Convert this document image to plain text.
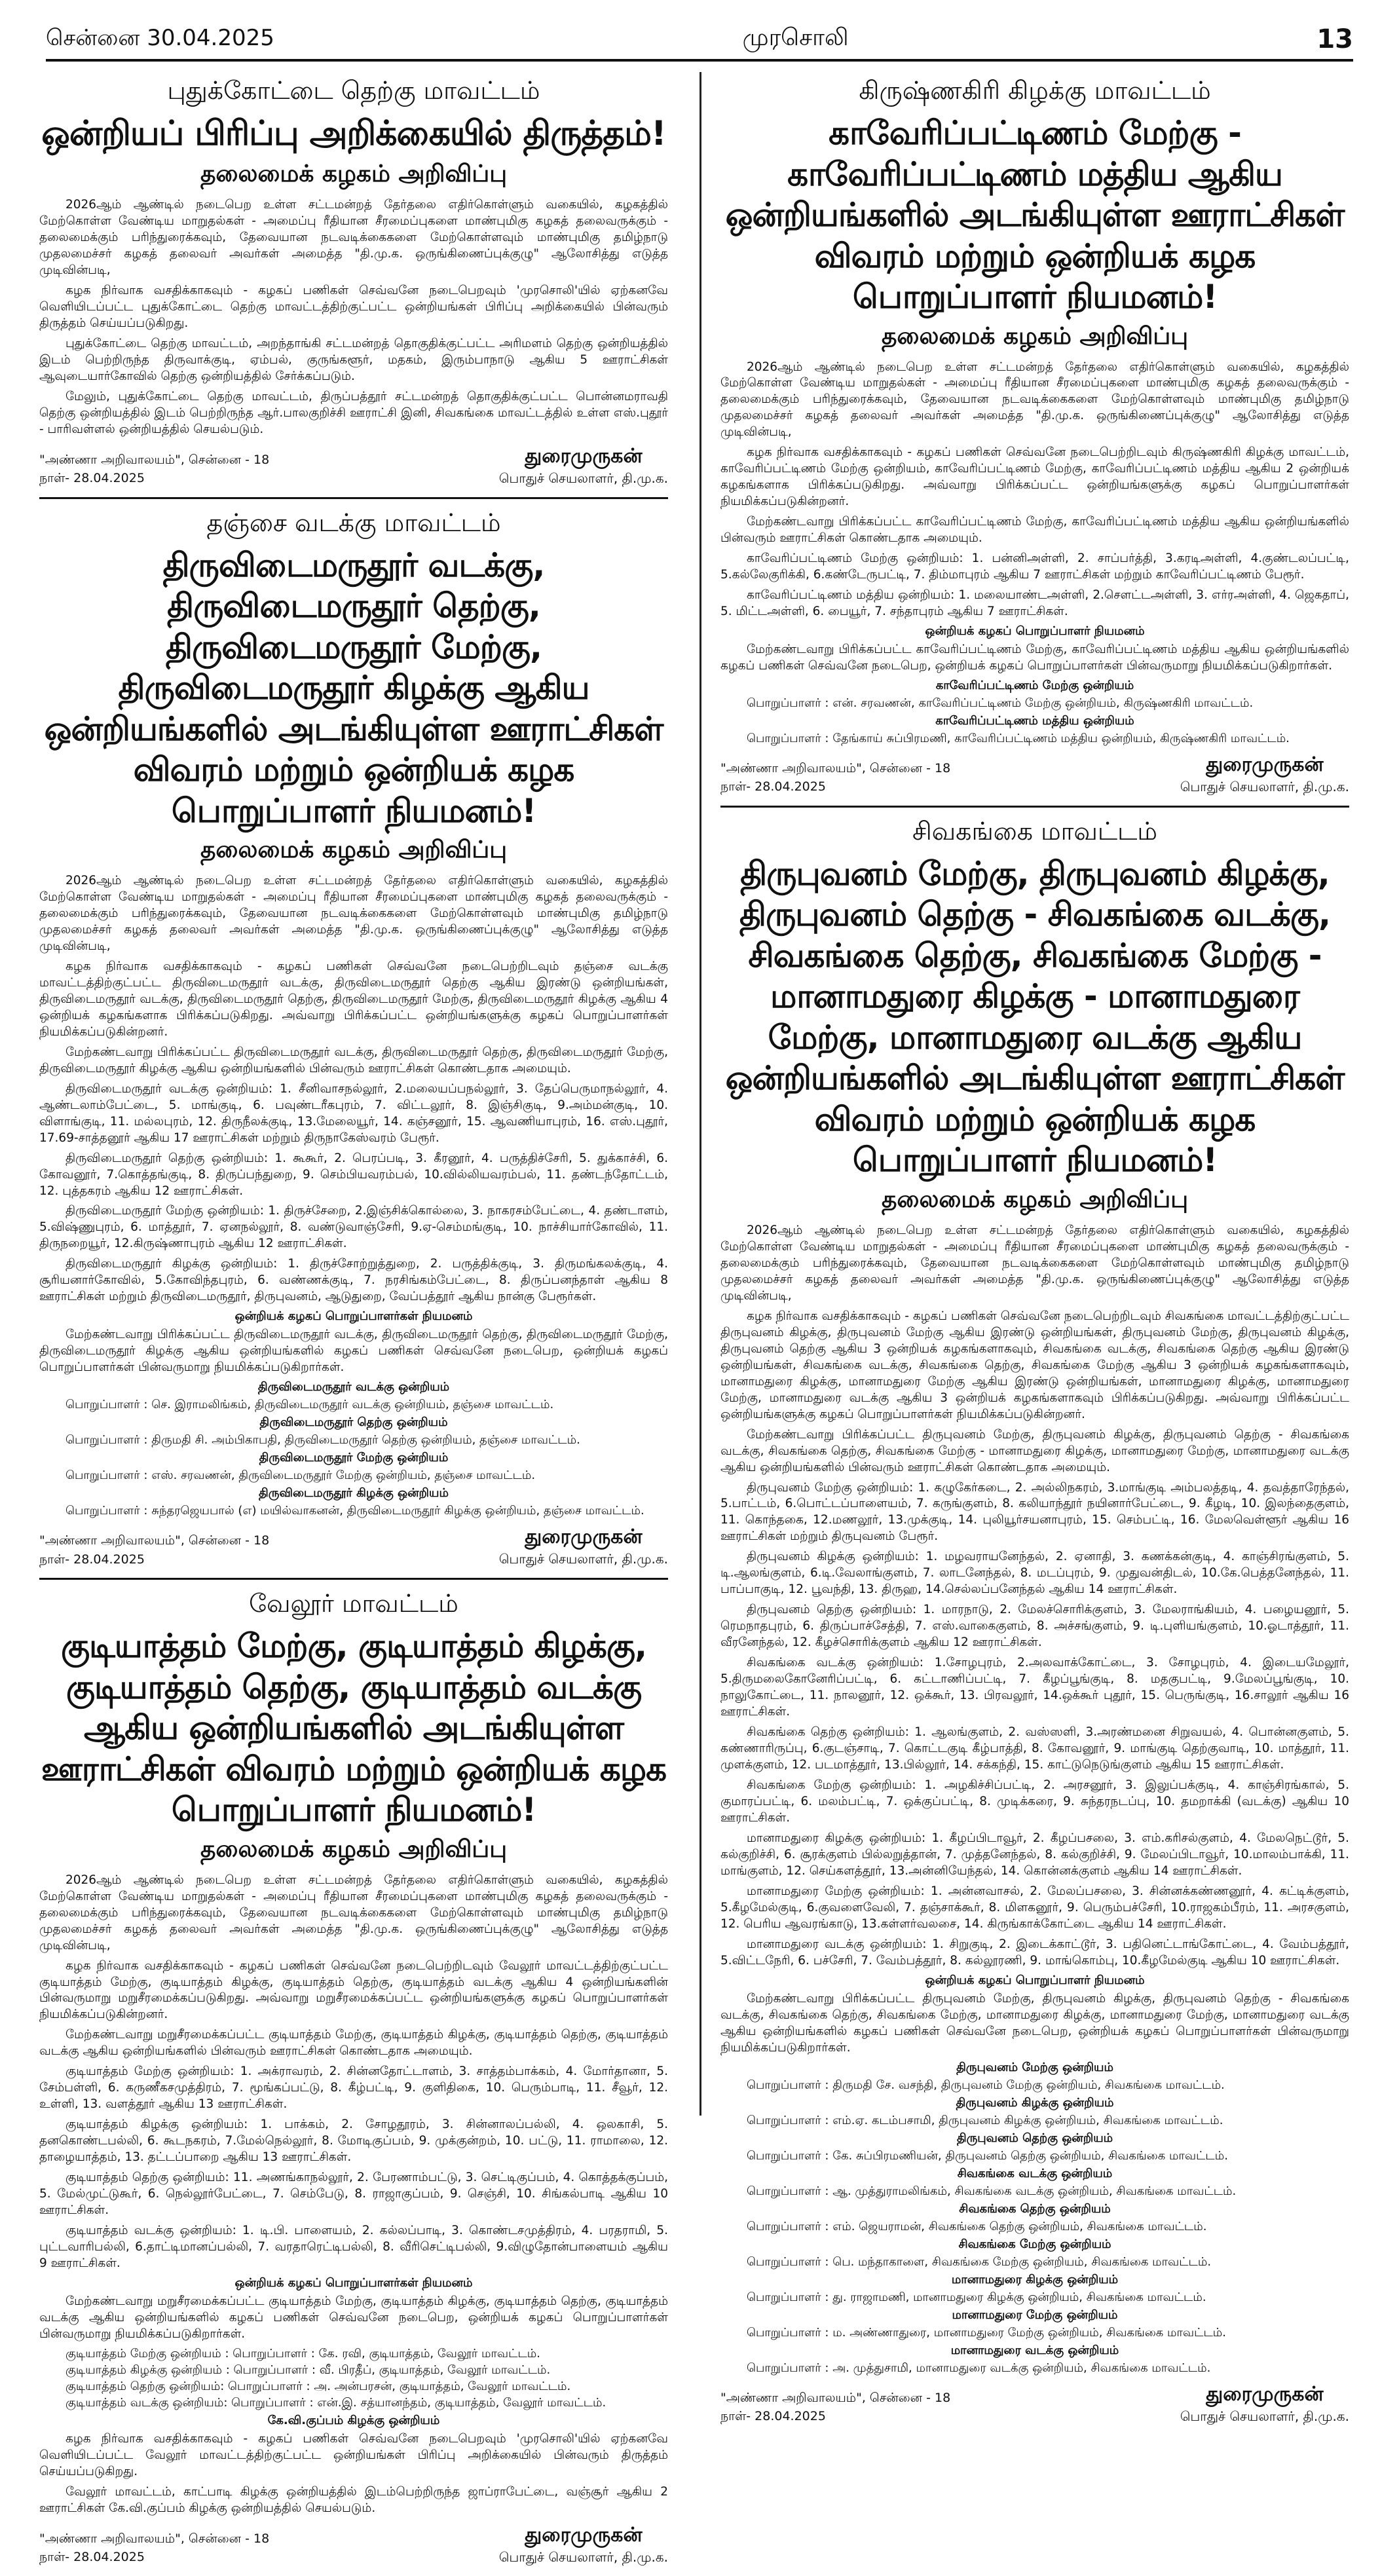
சென்னை 30.04.2025	முரசொலி	13
புதுக்கோட்டை தெற்கு மாவட்டம்
ஒன்றியப் பிரிப்பு அறிக்கையில் திருத்தம்!
தலைமைக் கழகம் அறிவிப்பு

2026ஆம் ஆண்டில் நடைபெற உள்ள சட்டமன்றத் தேர்தலை எதிர்கொள்ளும் வகையில், கழகத்தில் மேற்கொள்ள வேண்டிய மாறுதல்கள் - அமைப்பு ரீதியான சீரமைப்புகளை மாண்புமிகு கழகத் தலைவருக்கும் - தலைமைக்கும் பரிந்துரைக்கவும், தேவையான நடவடிக்கைகளை மேற்கொள்ளவும் மாண்புமிகு தமிழ்நாடு முதலமைச்சர் கழகத் தலைவர் அவர்கள் அமைத்த "தி.மு.க. ஒருங்கிணைப்புக்குழு" ஆலோசித்து எடுத்த முடிவின்படி,

கழக நிர்வாக வசதிக்காகவும் - கழகப் பணிகள் செவ்வனே நடைபெறவும் 'முரசொலி'யில் ஏற்கனவே வெளியிடப்பட்ட புதுக்கோட்டை தெற்கு மாவட்டத்திற்குட்பட்ட ஒன்றியங்கள் பிரிப்பு அறிக்கையில் பின்வரும் திருத்தம் செய்யப்படுகிறது.

புதுக்கோட்டை தெற்கு மாவட்டம், அறந்தாங்கி சட்டமன்றத் தொகுதிக்குட்பட்ட அரிமளம் தெற்கு ஒன்றியத்தில் இடம் பெற்றிருந்த திருவாக்குடி, ஏம்பல், குருங்களூர், மதகம், இரும்பாநாடு ஆகிய 5 ஊராட்சிகள் ஆவுடையார்கோவில் தெற்கு ஒன்றியத்தில் சேர்க்கப்படும்.

மேலும், புதுக்கோட்டை தெற்கு மாவட்டம், திருப்பத்தூர் சட்டமன்றத் தொகுதிக்குட்பட்ட பொன்னமராவதி தெற்கு ஒன்றியத்தில் இடம் பெற்றிருந்த ஆர்.பாலகுறிச்சி ஊராட்சி இனி, சிவகங்கை மாவட்டத்தில் உள்ள எஸ்.புதூர் - பாரிவள்ளல் ஒன்றியத்தில் செயல்படும்.

"அண்ணா அறிவாலயம்", சென்னை - 18
நாள்- 28.04.2025
துரைமுருகன்
பொதுச் செயலாளர், தி.மு.க.
தஞ்சை வடக்கு மாவட்டம்
திருவிடைமருதூர் வடக்கு, திருவிடைமருதூர் தெற்கு, திருவிடைமருதூர் மேற்கு, திருவிடைமருதூர் கிழக்கு ஆகிய ஒன்றியங்களில் அடங்கியுள்ள ஊராட்சிகள் விவரம் மற்றும் ஒன்றியக் கழக பொறுப்பாளர் நியமனம்!
தலைமைக் கழகம் அறிவிப்பு

2026ஆம் ஆண்டில் நடைபெற உள்ள சட்டமன்றத் தேர்தலை எதிர்கொள்ளும் வகையில், கழகத்தில் மேற்கொள்ள வேண்டிய மாறுதல்கள் - அமைப்பு ரீதியான சீரமைப்புகளை மாண்புமிகு கழகத் தலைவருக்கும் - தலைமைக்கும் பரிந்துரைக்கவும், தேவையான நடவடிக்கைகளை மேற்கொள்ளவும் மாண்புமிகு தமிழ்நாடு முதலமைச்சர் கழகத் தலைவர் அவர்கள் அமைத்த "தி.மு.க. ஒருங்கிணைப்புக்குழு" ஆலோசித்து எடுத்த முடிவின்படி,

கழக நிர்வாக வசதிக்காகவும் - கழகப் பணிகள் செவ்வனே நடைபெற்றிடவும் தஞ்சை வடக்கு மாவட்டத்திற்குட்பட்ட திருவிடைமருதூர் வடக்கு, திருவிடைமருதூர் தெற்கு ஆகிய இரண்டு ஒன்றியங்கள், திருவிடைமருதூர் வடக்கு, திருவிடைமருதூர் தெற்கு, திருவிடைமருதூர் மேற்கு, திருவிடைமருதூர் கிழக்கு ஆகிய 4 ஒன்றியக் கழகங்களாக பிரிக்கப்படுகிறது. அவ்வாறு பிரிக்கப்பட்ட ஒன்றியங்களுக்கு கழகப் பொறுப்பாளர்கள் நியமிக்கப்படுகின்றனர்.

மேற்கண்டவாறு பிரிக்கப்பட்ட திருவிடைமருதூர் வடக்கு, திருவிடைமருதூர் தெற்கு, திருவிடைமருதூர் மேற்கு, திருவிடைமருதூர் கிழக்கு ஆகிய ஒன்றியங்களில் பின்வரும் ஊராட்சிகள் கொண்டதாக அமையும்.

திருவிடைமருதூர் வடக்கு ஒன்றியம்: 1. சீனிவாசநல்லூர், 2.மலையப்பநல்லூர், 3. தேப்பெருமாநல்லூர், 4. ஆண்டலாம்பேட்டை, 5. மாங்குடி, 6. பவுண்டரீகபுரம், 7. விட்டலூர், 8. இஞ்சிகுடி, 9.அம்மன்குடி, 10. விளாங்குடி, 11. மல்லபுரம், 12. திருநீலக்குடி, 13.மேலையூர், 14. கஞ்சனூர், 15. ஆவணியாபுரம், 16. எஸ்.புதூர், 17.69-சாத்தனூர் ஆகிய 17 ஊராட்சிகள் மற்றும் திருநாகேஸ்வரம் பேரூர்.

திருவிடைமருதூர் தெற்கு ஒன்றியம்: 1. கூகூர், 2. பெரப்படி, 3. கீரனூர், 4. பருத்திச்சேரி, 5. துக்காச்சி, 6. கோவனூர், 7.கொத்தங்குடி, 8. திருப்பந்துறை, 9. செம்பியவரம்பல், 10.வில்லியவரம்பல், 11. தண்டந்தோட்டம், 12. புத்தகரம் ஆகிய 12 ஊராட்சிகள்.

திருவிடைமருதூர் மேற்கு ஒன்றியம்: 1. திருச்சேறை, 2.இஞ்சிக்கொல்லை, 3. நாகரசம்பேட்டை, 4. தண்டாளம், 5.விஷ்ணுபுரம், 6. மாத்தூர், 7. ஏனநல்லூர், 8. வண்டுவாஞ்சேரி, 9.ஏ-செம்மங்குடி, 10. நாச்சியார்கோவில், 11. திருநறையூர், 12.கிருஷ்ணாபுரம் ஆகிய 12 ஊராட்சிகள்.

திருவிடைமருதூர் கிழக்கு ஒன்றியம்: 1. திருச்சோற்றுத்துறை, 2. பருத்திக்குடி, 3. திருமங்கலக்குடி, 4. சூரியனார்கோவில், 5.கோவிந்தபுரம், 6. வண்ணக்குடி, 7. நரசிங்கம்பேட்டை, 8. திருப்பனந்தாள் ஆகிய 8 ஊராட்சிகள் மற்றும் திருவிடைமருதூர், திருபுவனம், ஆடுதுறை, வேப்பத்தூர் ஆகிய நான்கு பேரூர்கள்.

ஒன்றியக் கழகப் பொறுப்பாளர்கள் நியமனம்

மேற்கண்டவாறு பிரிக்கப்பட்ட திருவிடைமருதூர் வடக்கு, திருவிடைமருதூர் தெற்கு, திருவிடைமருதூர் மேற்கு, திருவிடைமருதூர் கிழக்கு ஆகிய ஒன்றியங்களில் கழகப் பணிகள் செவ்வனே நடைபெற, ஒன்றியக் கழகப் பொறுப்பாளர்கள் பின்வருமாறு நியமிக்கப்படுகிறார்கள்.

திருவிடைமருதூர் வடக்கு ஒன்றியம்
பொறுப்பாளர் : செ. இராமலிங்கம், திருவிடைமருதூர் வடக்கு ஒன்றியம், தஞ்சை மாவட்டம்.
திருவிடைமருதூர் தெற்கு ஒன்றியம்
பொறுப்பாளர் : திருமதி சி. அம்பிகாபதி, திருவிடைமருதூர் தெற்கு ஒன்றியம், தஞ்சை மாவட்டம்.
திருவிடைமருதூர் மேற்கு ஒன்றியம்
பொறுப்பாளர் : எஸ். சரவணன், திருவிடைமருதூர் மேற்கு ஒன்றியம், தஞ்சை மாவட்டம்.
திருவிடைமருதூர் கிழக்கு ஒன்றியம்
பொறுப்பாளர் : சுந்தரஜெயபால் (எ) மயில்வாகனன், திருவிடைமருதூர் கிழக்கு ஒன்றியம், தஞ்சை மாவட்டம்.
"அண்ணா அறிவாலயம்", சென்னை - 18
நாள்- 28.04.2025
துரைமுருகன்
பொதுச் செயலாளர், தி.மு.க.
வேலூர் மாவட்டம்
குடியாத்தம் மேற்கு, குடியாத்தம் கிழக்கு, குடியாத்தம் தெற்கு, குடியாத்தம் வடக்கு ஆகிய ஒன்றியங்களில் அடங்கியுள்ள ஊராட்சிகள் விவரம் மற்றும் ஒன்றியக் கழக பொறுப்பாளர் நியமனம்!
தலைமைக் கழகம் அறிவிப்பு

2026ஆம் ஆண்டில் நடைபெற உள்ள சட்டமன்றத் தேர்தலை எதிர்கொள்ளும் வகையில், கழகத்தில் மேற்கொள்ள வேண்டிய மாறுதல்கள் - அமைப்பு ரீதியான சீரமைப்புகளை மாண்புமிகு கழகத் தலைவருக்கும் - தலைமைக்கும் பரிந்துரைக்கவும், தேவையான நடவடிக்கைகளை மேற்கொள்ளவும் மாண்புமிகு தமிழ்நாடு முதலமைச்சர் கழகத் தலைவர் அவர்கள் அமைத்த "தி.மு.க. ஒருங்கிணைப்புக்குழு" ஆலோசித்து எடுத்த முடிவின்படி,

கழக நிர்வாக வசதிக்காகவும் - கழகப் பணிகள் செவ்வனே நடைபெற்றிடவும் வேலூர் மாவட்டத்திற்குட்பட்ட குடியாத்தம் மேற்கு, குடியாத்தம் கிழக்கு, குடியாத்தம் தெற்கு, குடியாத்தம் வடக்கு ஆகிய 4 ஒன்றியங்களின் பின்வருமாறு மறுசீரமைக்கப்படுகிறது. அவ்வாறு மறுசீரமைக்கப்பட்ட ஒன்றியங்களுக்கு கழகப் பொறுப்பாளர்கள் நியமிக்கப்படுகின்றனர்.

மேற்கண்டவாறு மறுசீரமைக்கப்பட்ட குடியாத்தம் மேற்கு, குடியாத்தம் கிழக்கு, குடியாத்தம் தெற்கு, குடியாத்தம் வடக்கு ஆகிய ஒன்றியங்களில் பின்வரும் ஊராட்சிகள் கொண்டதாக அமையும்.

குடியாத்தம் மேற்கு ஒன்றியம்: 1. அக்ராவரம், 2. சின்னதோட்டாளம், 3. சாத்தம்பாக்கம், 4. மோர்தானா, 5. சேம்பள்ளி, 6. கருணீகசமுத்திரம், 7. மூங்கப்பட்டு, 8. கீழ்பட்டி, 9. குளிதிகை, 10. பெரும்பாடி, 11. சீவூர், 12. உள்ளி, 13. வளத்தூர் ஆகிய 13 ஊராட்சிகள்.

குடியாத்தம் கிழக்கு ஒன்றியம்: 1. பாக்கம், 2. சோழதூரம், 3. சின்னாலப்பல்லி, 4. ஒலகாசி, 5. தனகொண்டபல்லி, 6. கூடநகரம், 7.மேல்நெல்லூர், 8. மோடிகுப்பம், 9. முக்குன்றம், 10. பட்டு, 11. ராமாலை, 12. தாழையாத்தம், 13. தட்டப்பாறை ஆகிய 13 ஊராட்சிகள்.

குடியாத்தம் தெற்கு ஒன்றியம்: 11. அணங்காநல்லூர், 2. பேரணாம்பட்டு, 3. செட்டிகுப்பம், 4. கொத்தக்குப்பம், 5. மேல்முட்டுகூர், 6. நெல்லூர்பேட்டை, 7. செம்பேடு, 8. ராஜாகுப்பம், 9. செஞ்சி, 10. சிங்கல்பாடி ஆகிய 10 ஊராட்சிகள்.

குடியாத்தம் வடக்கு ஒன்றியம்: 1. டி.பி. பாளையம், 2. கல்லப்பாடி, 3. கொண்டசமுத்திரம், 4. பரதராமி, 5. புட்டவாரிபல்லி, 6.தாட்டிமானப்பல்லி, 7. வரதாரெட்டிபல்லி, 8. வீரிசெட்டிபல்லி, 9.விழுதோன்பாளையம் ஆகிய 9 ஊராட்சிகள்.

ஒன்றியக் கழகப் பொறுப்பாளர்கள் நியமனம்

மேற்கண்டவாறு மறுசீரமைக்கப்பட்ட குடியாத்தம் மேற்கு, குடியாத்தம் கிழக்கு, குடியாத்தம் தெற்கு, குடியாத்தம் வடக்கு ஆகிய ஒன்றியங்களில் கழகப் பணிகள் செவ்வனே நடைபெற, ஒன்றியக் கழகப் பொறுப்பாளர்கள் பின்வருமாறு நியமிக்கப்படுகிறார்கள்.

குடியாத்தம் மேற்கு ஒன்றியம் : பொறுப்பாளர் : கே. ரவி, குடியாத்தம், வேலூர் மாவட்டம்.
குடியாத்தம் கிழக்கு ஒன்றியம் : பொறுப்பாளர் : வீ. பிரதீப், குடியாத்தம், வேலூர் மாவட்டம்.
குடியாத்தம் தெற்கு ஒன்றியம்: பொறுப்பாளர் : அ. அன்பரசன், குடியாத்தம், வேலூர் மாவட்டம்.
குடியாத்தம் வடக்கு ஒன்றியம்: பொறுப்பாளர் : என்.இ. சத்யானந்தம், குடியாத்தம், வேலூர் மாவட்டம்.
கே.வி.குப்பம் கிழக்கு ஒன்றியம்

கழக நிர்வாக வசதிக்காகவும் - கழகப் பணிகள் செவ்வனே நடைபெறவும் 'முரசொலி'யில் ஏற்கனவே வெளியிடப்பட்ட வேலூர் மாவட்டத்திற்குட்பட்ட ஒன்றியங்கள் பிரிப்பு அறிக்கையில் பின்வரும் திருத்தம் செய்யப்படுகிறது.

வேலூர் மாவட்டம், காட்பாடி கிழக்கு ஒன்றியத்தில் இடம்பெற்றிருந்த ஜாப்ராபேட்டை, வஞ்சூர் ஆகிய 2 ஊராட்சிகள் கே.வி.குப்பம் கிழக்கு ஒன்றியத்தில் செயல்படும்.

"அண்ணா அறிவாலயம்", சென்னை - 18
நாள்- 28.04.2025
துரைமுருகன்
பொதுச் செயலாளர், தி.மு.க.
கிருஷ்ணகிரி கிழக்கு மாவட்டம்
காவேரிப்பட்டிணம் மேற்கு - காவேரிப்பட்டிணம் மத்திய ஆகிய ஒன்றியங்களில் அடங்கியுள்ள ஊராட்சிகள் விவரம் மற்றும் ஒன்றியக் கழக பொறுப்பாளர் நியமனம்!
தலைமைக் கழகம் அறிவிப்பு

2026ஆம் ஆண்டில் நடைபெற உள்ள சட்டமன்றத் தேர்தலை எதிர்கொள்ளும் வகையில், கழகத்தில் மேற்கொள்ள வேண்டிய மாறுதல்கள் - அமைப்பு ரீதியான சீரமைப்புகளை மாண்புமிகு கழகத் தலைவருக்கும் - தலைமைக்கும் பரிந்துரைக்கவும், தேவையான நடவடிக்கைகளை மேற்கொள்ளவும் மாண்புமிகு தமிழ்நாடு முதலமைச்சர் கழகத் தலைவர் அவர்கள் அமைத்த "தி.மு.க. ஒருங்கிணைப்புக்குழு" ஆலோசித்து எடுத்த முடிவின்படி,

கழக நிர்வாக வசதிக்காகவும் - கழகப் பணிகள் செவ்வனே நடைபெற்றிடவும் கிருஷ்ணகிரி கிழக்கு மாவட்டம், காவேரிப்பட்டிணம் மேற்கு ஒன்றியம், காவேரிப்பட்டிணம் மேற்கு, காவேரிப்பட்டிணம் மத்திய ஆகிய 2 ஒன்றியக் கழகங்களாக பிரிக்கப்படுகிறது. அவ்வாறு பிரிக்கப்பட்ட ஒன்றியங்களுக்கு கழகப் பொறுப்பாளர்கள் நியமிக்கப்படுகின்றனர்.

மேற்கண்டவாறு பிரிக்கப்பட்ட காவேரிப்பட்டிணம் மேற்கு, காவேரிப்பட்டிணம் மத்திய ஆகிய ஒன்றியங்களில் பின்வரும் ஊராட்சிகள் கொண்டதாக அமையும்.

காவேரிப்பட்டிணம் மேற்கு ஒன்றியம்: 1. பன்னிஅள்ளி, 2. சாப்பர்த்தி, 3.கரடிஅள்ளி, 4.குண்டலப்பட்டி, 5.கல்லேகுரிக்கி, 6.கண்டேருபட்டி, 7. திம்மாபுரம் ஆகிய 7 ஊராட்சிகள் மற்றும் காவேரிப்பட்டிணம் பேரூர்.

காவேரிப்பட்டிணம் மத்திய ஒன்றியம்: 1. மலையாண்டஅள்ளி, 2.சௌட்டஅள்ளி, 3. எர்ரஅள்ளி, 4. ஜெகதாப், 5. மிட்டஅள்ளி, 6. பையூர், 7. சந்தாபுரம் ஆகிய 7 ஊராட்சிகள்.

ஒன்றியக் கழகப் பொறுப்பாளர் நியமனம்

மேற்கண்டவாறு பிரிக்கப்பட்ட காவேரிப்பட்டிணம் மேற்கு, காவேரிப்பட்டிணம் மத்திய ஆகிய ஒன்றியங்களில் கழகப் பணிகள் செவ்வனே நடைபெற, ஒன்றியக் கழகப் பொறுப்பாளர்கள் பின்வருமாறு நியமிக்கப்படுகிறார்கள்.

காவேரிப்பட்டிணம் மேற்கு ஒன்றியம்
பொறுப்பாளர் : என். சரவணன், காவேரிப்பட்டிணம் மேற்கு ஒன்றியம், கிருஷ்ணகிரி மாவட்டம்.
காவேரிப்பட்டிணம் மத்திய ஒன்றியம்
பொறுப்பாளர் : தேங்காய் சுப்பிரமணி, காவேரிப்பட்டிணம் மத்திய ஒன்றியம், கிருஷ்ணகிரி மாவட்டம்.
"அண்ணா அறிவாலயம்", சென்னை - 18
நாள்- 28.04.2025
துரைமுருகன்
பொதுச் செயலாளர், தி.மு.க.
சிவகங்கை மாவட்டம்
திருபுவனம் மேற்கு, திருபுவனம் கிழக்கு, திருபுவனம் தெற்கு - சிவகங்கை வடக்கு, சிவகங்கை தெற்கு, சிவகங்கை மேற்கு - மானாமதுரை கிழக்கு - மானாமதுரை மேற்கு, மானாமதுரை வடக்கு ஆகிய ஒன்றியங்களில் அடங்கியுள்ள ஊராட்சிகள் விவரம் மற்றும் ஒன்றியக் கழக பொறுப்பாளர் நியமனம்!
தலைமைக் கழகம் அறிவிப்பு

2026ஆம் ஆண்டில் நடைபெற உள்ள சட்டமன்றத் தேர்தலை எதிர்கொள்ளும் வகையில், கழகத்தில் மேற்கொள்ள வேண்டிய மாறுதல்கள் - அமைப்பு ரீதியான சீரமைப்புகளை மாண்புமிகு கழகத் தலைவருக்கும் - தலைமைக்கும் பரிந்துரைக்கவும், தேவையான நடவடிக்கைகளை மேற்கொள்ளவும் மாண்புமிகு தமிழ்நாடு முதலமைச்சர் கழகத் தலைவர் அவர்கள் அமைத்த "தி.மு.க. ஒருங்கிணைப்புக்குழு" ஆலோசித்து எடுத்த முடிவின்படி,

கழக நிர்வாக வசதிக்காகவும் - கழகப் பணிகள் செவ்வனே நடைபெற்றிடவும் சிவகங்கை மாவட்டத்திற்குட்பட்ட திருபுவனம் கிழக்கு, திருபுவனம் மேற்கு ஆகிய இரண்டு ஒன்றியங்கள், திருபுவனம் மேற்கு, திருபுவனம் கிழக்கு, திருபுவனம் தெற்கு ஆகிய 3 ஒன்றியக் கழகங்களாகவும், சிவகங்கை வடக்கு, சிவகங்கை தெற்கு ஆகிய இரண்டு ஒன்றியங்கள், சிவகங்கை வடக்கு, சிவகங்கை தெற்கு, சிவகங்கை மேற்கு ஆகிய 3 ஒன்றியக் கழகங்களாகவும், மானாமதுரை கிழக்கு, மானாமதுரை மேற்கு ஆகிய இரண்டு ஒன்றியங்கள், மானாமதுரை கிழக்கு, மானாமதுரை மேற்கு, மானாமதுரை வடக்கு ஆகிய 3 ஒன்றியக் கழகங்களாகவும் பிரிக்கப்படுகிறது. அவ்வாறு பிரிக்கப்பட்ட ஒன்றியங்களுக்கு கழகப் பொறுப்பாளர்கள் நியமிக்கப்படுகின்றனர்.

மேற்கண்டவாறு பிரிக்கப்பட்ட திருபுவனம் மேற்கு, திருபுவனம் கிழக்கு, திருபுவனம் தெற்கு - சிவகங்கை வடக்கு, சிவகங்கை தெற்கு, சிவகங்கை மேற்கு - மானாமதுரை கிழக்கு, மானாமதுரை மேற்கு, மானாமதுரை வடக்கு ஆகிய ஒன்றியங்களில் பின்வரும் ஊராட்சிகள் கொண்டதாக அமையும்.

திருபுவனம் மேற்கு ஒன்றியம்: 1. கழுகேர்கடை, 2. அல்லிநகரம், 3.மாங்குடி அம்பலத்தடி, 4. தவத்தாரேந்தல், 5.பாட்டம், 6.பொட்டப்பாளையம், 7. கருங்குளம், 8. கலியாந்தூர் நயினார்பேட்டை, 9. கீழடி, 10. இலந்தைகுளம், 11. கொந்தகை, 12.மணலூர், 13.முக்குடி, 14. புலியூர்சயனாபுரம், 15. செம்பட்டி, 16. மேலவெள்ளூர் ஆகிய 16 ஊராட்சிகள் மற்றும் திருபுவனம் பேரூர்.

திருபுவனம் கிழக்கு ஒன்றியம்: 1. மழவராயனேந்தல், 2. ஏனாதி, 3. கணக்கன்குடி, 4. காஞ்சிரங்குளம், 5. டி.ஆலங்குளம், 6.டி.வேலாங்குளம், 7. லாடனேந்தல், 8. மடப்புரம், 9. முதுவன்திடல், 10.கே.பெத்தனேந்தல், 11. பாப்பாகுடி, 12. பூவந்தி, 13. திருஹ, 14.செல்லப்பனேந்தல் ஆகிய 14 ஊராட்சிகள்.

திருபுவனம் தெற்கு ஒன்றியம்: 1. மாரநாடு, 2. மேலச்சொரிக்குளம், 3. மேலராங்கியம், 4. பழையனூர், 5. ரெமநாதபுரம், 6. திருப்பாச்சேத்தி, 7. எஸ்.வாகைகுளம், 8. அச்சங்குளம், 9. டி.புளியங்குளம், 10.ஓடாத்தூர், 11. வீரனேந்தல், 12. கீழச்சொரிக்குளம் ஆகிய 12 ஊராட்சிகள்.

சிவகங்கை வடக்கு ஒன்றியம்: 1.சோழபுரம், 2.அலவாக்கோட்டை, 3. சோழபுரம், 4. இடையமேலூர், 5.திருமலைகோனேரிப்பட்டி, 6. கட்டாணிப்பட்டி, 7. கீழப்பூங்குடி, 8. மதகுபட்டி, 9.மேலப்பூங்குடி, 10. நாலுகோட்டை, 11. நாலனூர், 12. ஒக்கூர், 13. பிரவலூர், 14.ஒக்கூர் புதூர், 15. பெருங்குடி, 16.சாலூர் ஆகிய 16 ஊராட்சிகள்.

சிவகங்கை தெற்கு ஒன்றியம்: 1. ஆலங்குளம், 2. வஸ்ஸளி, 3.அரண்மனை சிறுவயல், 4. பொன்னகுளம், 5. கண்ணாரிருப்பு, 6.குடஞ்சாடி, 7. கொட்டகுடி கீழ்பாத்தி, 8. கோவனூர், 9. மாங்குடி தெற்குவாடி, 10. மாத்தூர், 11. முளக்குளம், 12. படமாத்தூர், 13.பில்லூர், 14. சக்கந்தி, 15. காட்டுநெடுங்குளம் ஆகிய 15 ஊராட்சிகள்.

சிவகங்கை மேற்கு ஒன்றியம்: 1. அழகிச்சிப்பட்டி, 2. அரசனூர், 3. இலுப்பக்குடி, 4. காஞ்சிரங்கால், 5. குமாரப்பட்டி, 6. மலம்பட்டி, 7. ஒக்குப்பட்டி, 8. முடிக்கரை, 9. சுந்தரநடப்பு, 10. தமறாக்கி (வடக்கு) ஆகிய 10 ஊராட்சிகள்.

மானாமதுரை கிழக்கு ஒன்றியம்: 1. கீழப்பிடாவூர், 2. கீழப்பசலை, 3. எம்.கரிசல்குளம், 4. மேலநெட்டூர், 5. கல்குறிச்சி, 6. சூரக்குளம் பில்லறுத்தான், 7. முத்தனேந்தல், 8. கல்குறிச்சி, 9. மேலப்பிடாவூர், 10.மாலம்பாக்கி, 11. மாங்குளம், 12. செய்களத்தூர், 13.அன்னியேந்தல், 14. கொன்னக்குளம் ஆகிய 14 ஊராட்சிகள்.

மானாமதுரை மேற்கு ஒன்றியம்: 1. அன்னவாசல், 2. மேலப்பசலை, 3. சின்னக்கண்ணனூர், 4. கட்டிக்குளம், 5.கீழமேல்குடி, 6.குவளைவேலி, 7. தஞ்சாக்கூர், 8. மிளகனூர், 9. பெரும்பச்சேரி, 10.ராஜகம்பீரம், 11. அரசகுளம், 12. பெரிய ஆவரங்காடு, 13.கள்ளர்வலசை, 14. கிருங்காக்கோட்டை ஆகிய 14 ஊராட்சிகள்.

மானாமதுரை வடக்கு ஒன்றியம்: 1. சிறுகுடி, 2. இடைக்காட்டூர், 3. பதினெட்டாங்கோட்டை, 4. வேம்பத்தூர், 5.விட்டநேரி, 6. பச்சேரி, 7. வேம்பத்தூர், 8. கல்லூரணி, 9. மாங்கொம்பு, 10.கீழமேல்குடி ஆகிய 10 ஊராட்சிகள்.

ஒன்றியக் கழகப் பொறுப்பாளர் நியமனம்

மேற்கண்டவாறு பிரிக்கப்பட்ட திருபுவனம் மேற்கு, திருபுவனம் கிழக்கு, திருபுவனம் தெற்கு - சிவகங்கை வடக்கு, சிவகங்கை தெற்கு, சிவகங்கை மேற்கு, மானாமதுரை கிழக்கு, மானாமதுரை மேற்கு, மானாமதுரை வடக்கு ஆகிய ஒன்றியங்களில் கழகப் பணிகள் செவ்வனே நடைபெற, ஒன்றியக் கழகப் பொறுப்பாளர்கள் பின்வருமாறு நியமிக்கப்படுகிறார்கள்.

திருபுவனம் மேற்கு ஒன்றியம்
பொறுப்பாளர் : திருமதி சே. வசந்தி, திருபுவனம் மேற்கு ஒன்றியம், சிவகங்கை மாவட்டம்.
திருபுவனம் கிழக்கு ஒன்றியம்
பொறுப்பாளர் : எம்.ஏ. கடம்பசாமி, திருபுவனம் கிழக்கு ஒன்றியம், சிவகங்கை மாவட்டம்.
திருபுவனம் தெற்கு ஒன்றியம்
பொறுப்பாளர் : கே. சுப்பிரமணியன், திருபுவனம் தெற்கு ஒன்றியம், சிவகங்கை மாவட்டம்.
சிவகங்கை வடக்கு ஒன்றியம்
பொறுப்பாளர் : ஆ. முத்துராமலிங்கம், சிவகங்கை வடக்கு ஒன்றியம், சிவகங்கை மாவட்டம்.
சிவகங்கை தெற்கு ஒன்றியம்
பொறுப்பாளர் : எம். ஜெயராமன், சிவகங்கை தெற்கு ஒன்றியம், சிவகங்கை மாவட்டம்.
சிவகங்கை மேற்கு ஒன்றியம்
பொறுப்பாளர் : பெ. மந்தாகாளை, சிவகங்கை மேற்கு ஒன்றியம், சிவகங்கை மாவட்டம்.
மானாமதுரை கிழக்கு ஒன்றியம்
பொறுப்பாளர் : து. ராஜாமணி, மானாமதுரை கிழக்கு ஒன்றியம், சிவகங்கை மாவட்டம்.
மானாமதுரை மேற்கு ஒன்றியம்
பொறுப்பாளர் : ம. அண்ணாதுரை, மானாமதுரை மேற்கு ஒன்றியம், சிவகங்கை மாவட்டம்.
மானாமதுரை வடக்கு ஒன்றியம்
பொறுப்பாளர் : அ. முத்துசாமி, மானாமதுரை வடக்கு ஒன்றியம், சிவகங்கை மாவட்டம்.
"அண்ணா அறிவாலயம்", சென்னை - 18
நாள்- 28.04.2025
துரைமுருகன்
பொதுச் செயலாளர், தி.மு.க.
